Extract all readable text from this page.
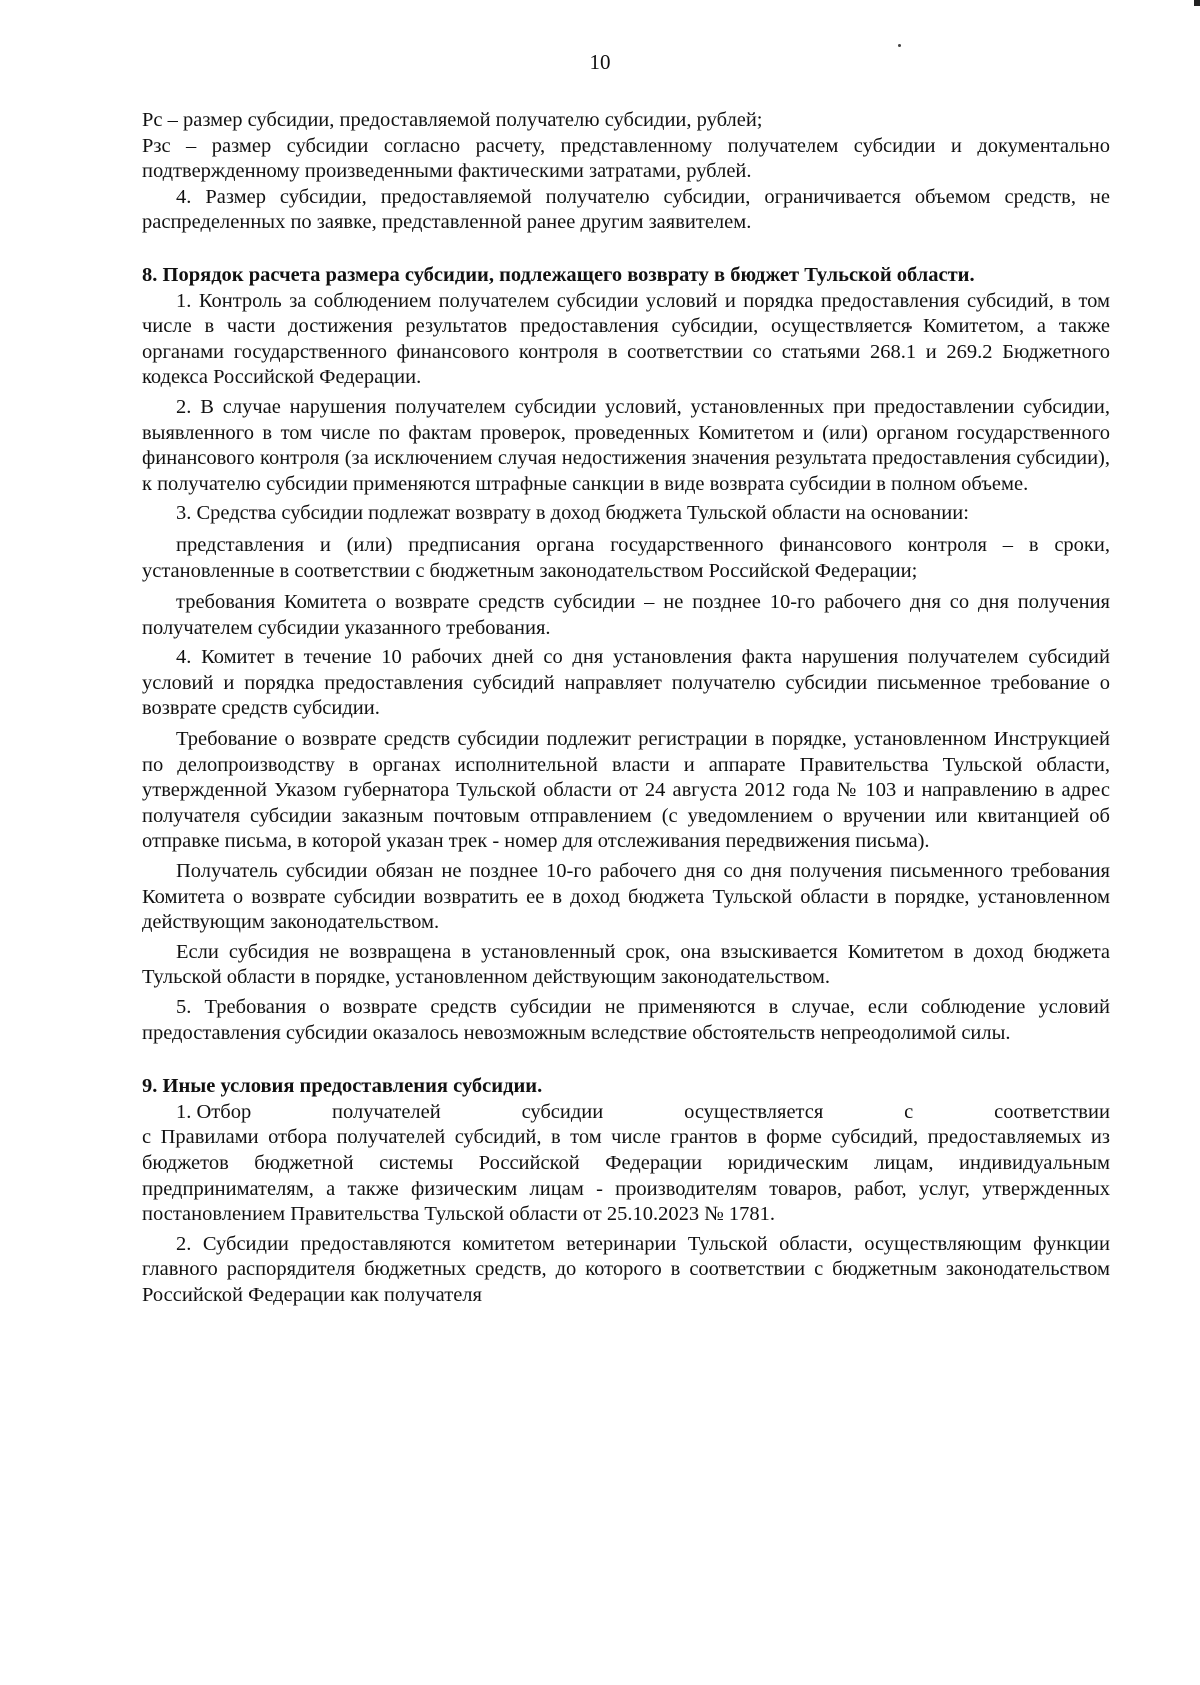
10

Рс – размер субсидии, предоставляемой получателю субсидии, рублей;

Рзс – размер субсидии согласно расчету, представленному получателем субсидии и документально подтвержденному произведенными фактическими затратами, рублей.

4. Размер субсидии, предоставляемой получателю субсидии, ограничивается объемом средств, не распределенных по заявке, представленной ранее другим заявителем.

8. Порядок расчета размера субсидии, подлежащего возврату в бюджет Тульской области.

1. Контроль за соблюдением получателем субсидии условий и порядка предоставления субсидий, в том числе в части достижения результатов предоставления субсидии, осуществляется Комитетом, а также органами государственного финансового контроля в соответствии со статьями 268.1 и 269.2 Бюджетного кодекса Российской Федерации.

2. В случае нарушения получателем субсидии условий, установленных при предоставлении субсидии, выявленного в том числе по фактам проверок, проведенных Комитетом и (или) органом государственного финансового контроля (за исключением случая недостижения значения результата предоставления субсидии), к получателю субсидии применяются штрафные санкции в виде возврата субсидии в полном объеме.

3. Средства субсидии подлежат возврату в доход бюджета Тульской области на основании:

представления и (или) предписания органа государственного финансового контроля – в сроки, установленные в соответствии с бюджетным законодательством Российской Федерации;

требования Комитета о возврате средств субсидии – не позднее 10-го рабочего дня со дня получения получателем субсидии указанного требования.

4. Комитет в течение 10 рабочих дней со дня установления факта нарушения получателем субсидий условий и порядка предоставления субсидий направляет получателю субсидии письменное требование о возврате средств субсидии.

Требование о возврате средств субсидии подлежит регистрации в порядке, установленном Инструкцией по делопроизводству в органах исполнительной власти и аппарате Правительства Тульской области, утвержденной Указом губернатора Тульской области от 24 августа 2012 года № 103 и направлению в адрес получателя субсидии заказным почтовым отправлением (с уведомлением о вручении или квитанцией об отправке письма, в которой указан трек - номер для отслеживания передвижения письма).

Получатель субсидии обязан не позднее 10-го рабочего дня со дня получения письменного требования Комитета о возврате субсидии возвратить ее в доход бюджета Тульской области в порядке, установленном действующим законодательством.

Если субсидия не возвращена в установленный срок, она взыскивается Комитетом в доход бюджета Тульской области в порядке, установленном действующим законодательством.

5. Требования о возврате средств субсидии не применяются в случае, если соблюдение условий предоставления субсидии оказалось невозможным вследствие обстоятельств непреодолимой силы.

9. Иные условия предоставления субсидии.

1. Отбор	получателей	субсидии	осуществляется	с	соответствии

с Правилами отбора получателей субсидий, в том числе грантов в форме субсидий, предоставляемых из бюджетов бюджетной системы Российской Федерации юридическим лицам, индивидуальным предпринимателям, а также физическим лицам - производителям товаров, работ, услуг, утвержденных постановлением Правительства Тульской области от 25.10.2023 № 1781.

2. Субсидии предоставляются комитетом ветеринарии Тульской области, осуществляющим функции главного распорядителя бюджетных средств, до которого в соответствии с бюджетным законодательством Российской Федерации как получателя
